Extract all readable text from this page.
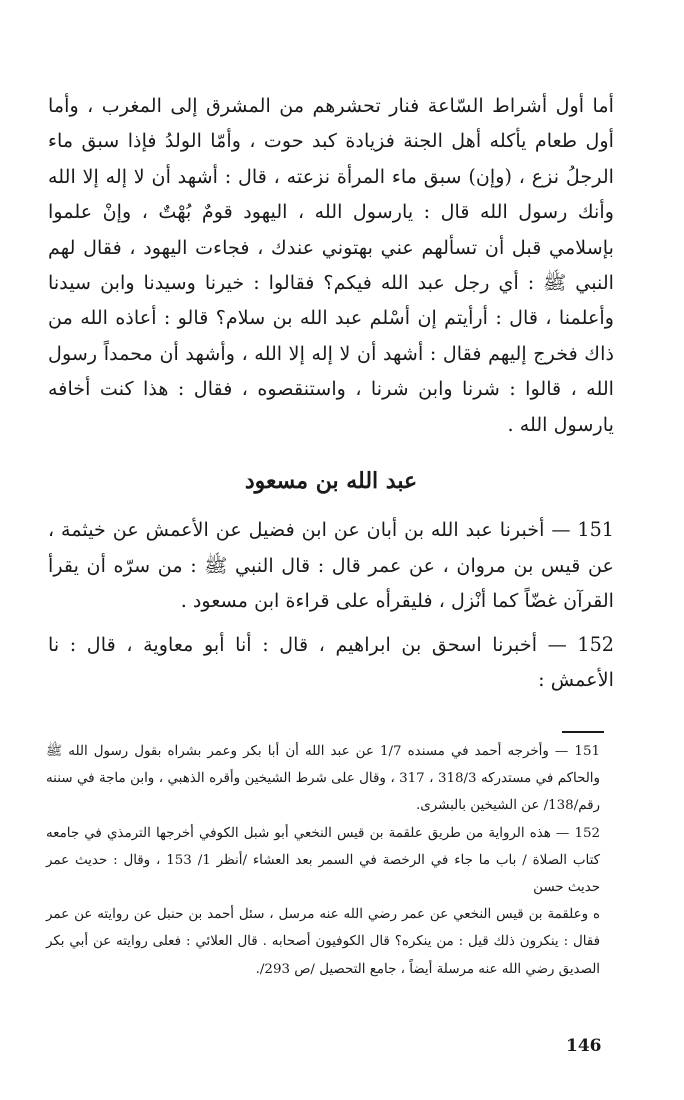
أما أول أشراط السّاعة فنار تحشرهم من المشرق إلى المغرب ، وأما أول طعام يأكله أهل الجنة فزيادة كبد حوت ، وأمّا الولدُ فإذا سبق ماء الرجلُ نزع ، (وإن) سبق ماء المرأة نزعته ، قال : أشهد أن لا إله إلا الله وأنك رسول الله قال : يارسول الله ، اليهود قومٌ بُهْتٌ ، وإنْ علموا بإسلامي قبل أن تسألهم عني بهتوني عندك ، فجاءت اليهود ، فقال لهم النبي ﷺ : أي رجل عبد الله فيكم؟ فقالوا : خيرنا وسيدنا وابن سيدنا وأعلمنا ، قال : أرأيتم إن أسْلم عبد الله بن سلام؟ قالو : أعاذه الله من ذاك فخرج إليهم فقال : أشهد أن لا إله إلا الله ، وأشهد أن محمداً رسول الله ، قالوا : شرنا وابن شرنا ، واستنقصوه ، فقال : هذا كنت أخافه يارسول الله .

عبد الله بن مسعود

151 — أخبرنا عبد الله بن أبان عن ابن فضيل عن الأعمش عن خيثمة ، عن قيس بن مروان ، عن عمر قال : قال النبي ﷺ : من سرّه أن يقرأ القرآن غضّاً كما أنْزل ، فليقرأه على قراءة ابن مسعود .

152 — أخبرنا اسحق بن ابراهيم ، قال : أنا أبو معاوية ، قال : نا الأعمش :

151 — وأخرجه أحمد في مسنده 1/7 عن عبد الله أن أبا بكر وعمر بشراه بقول رسول الله ﷺ والحاكم في مستدركه 318/3 ، 317 ، وقال على شرط الشيخين وأقره الذهبي ، وابن ماجة في سننه رقم/138/ عن الشيخين بالبشرى.

152 — هذه الرواية من طريق علقمة بن قيس النخعي أبو شبل الكوفي أخرجها الترمذي في جامعه كتاب الصلاة / باب ما جاء في الرخصة في السمر بعد العشاء /أنظر 1/ 153 ، وقال : حديث عمر حديث حسن

ه وعلقمة بن قيس النخعي عن عمر رضي الله عنه مرسل ، سئل أحمد بن حنبل عن روايته عن عمر فقال : ينكرون ذلك قيل : من ينكره؟ قال الكوفيون أصحابه . قال العلائي : فعلى روايته عن أبي بكر الصديق رضي الله عنه مرسلة أيضاً ، جامع التحصيل /ص 293/.

146
